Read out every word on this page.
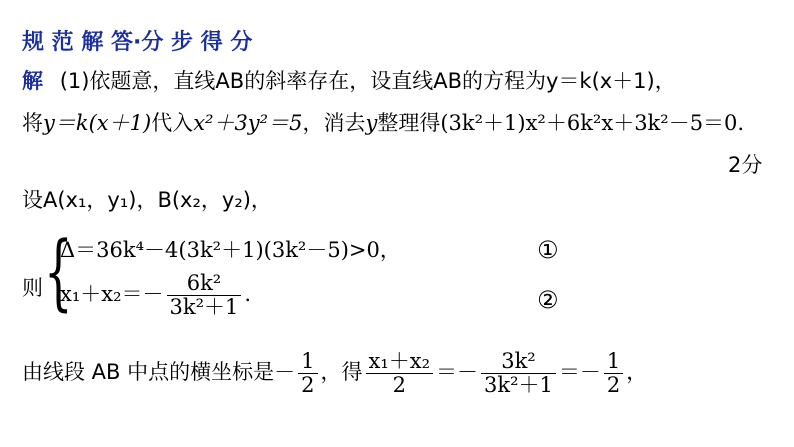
规 范 解 答·分 步 得 分
解 (1)依题意，直线AB的斜率存在，设直线AB的方程为y＝k(x＋1)，
将y＝k(x＋1)代入x²＋3y²＝5，消去y整理得(3k²＋1)x²＋6k²x＋3k²－5＝0.
2分
设A(x₁，y₁)，B(x₂，y₂)，
则 {
Δ＝36k⁴－4(3k²＋1)(3k²－5)>0，
$x_1+x_2=- \frac{\text{6k²}}{\text{3k²＋1}}$ .
①
②
由线段 AB 中点的横坐标是－ $\frac{1}{2}$ ，得 $\frac{\text{x₁＋x₂}}{2} =- \frac{\text{3k²}}{\text{3k²＋1}} =- \frac{1}{2}$ ，
